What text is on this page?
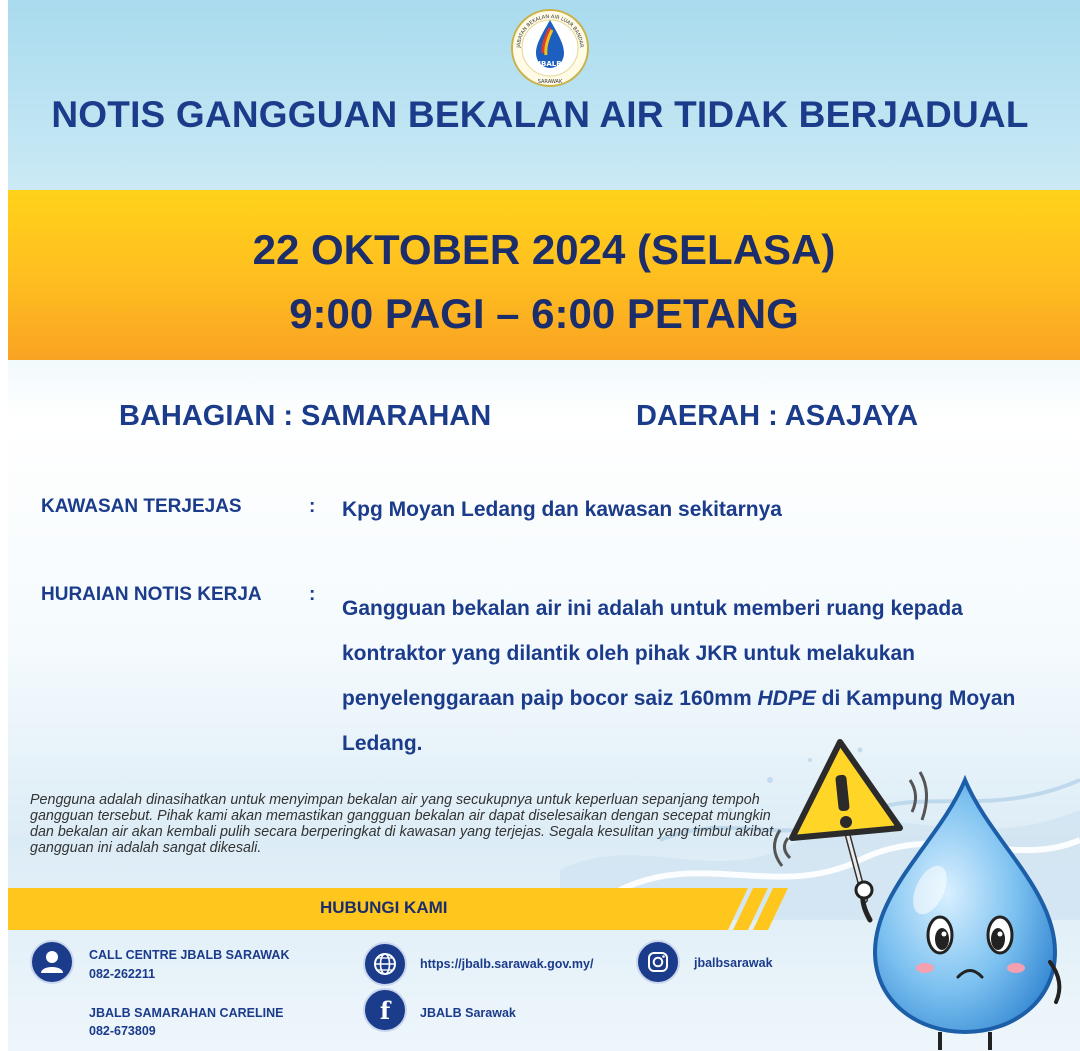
JBALB
JABATAN BEKALAN AIR LUAR BANDAR
SARAWAK
NOTIS GANGGUAN BEKALAN AIR TIDAK BERJADUAL

22 OKTOBER 2024 (SELASA)

9:00 PAGI – 6:00 PETANG

BAHAGIAN : SAMARAHAN	DAERAH : ASAJAYA
KAWASAN TERJEJAS	: Kpg Moyan Ledang dan kawasan sekitarnya
HURAIAN NOTIS KERJA :

Gangguan bekalan air ini adalah untuk memberi ruang kepada kontraktor yang dilantik oleh pihak JKR untuk melakukan penyelenggaraan paip bocor saiz 160mm HDPE di Kampung Moyan Ledang.

Pengguna adalah dinasihatkan untuk menyimpan bekalan air yang secukupnya untuk keperluan sepanjang tempoh gangguan tersebut. Pihak kami akan memastikan gangguan bekalan air dapat diselesaikan dengan secepat mungkin dan bekalan air akan kembali pulih secara berperingkat di kawasan yang terjejas. Segala kesulitan yang timbul akibat gangguan ini adalah sangat dikesali.

HUBUNGI KAMI

CALL CENTRE JBALB SARAWAK

082-262211

JBALB SAMARAHAN CARELINE

082-673809

https://jbalb.sarawak.gov.my/

f JBALB Sarawak

jbalbsarawak
